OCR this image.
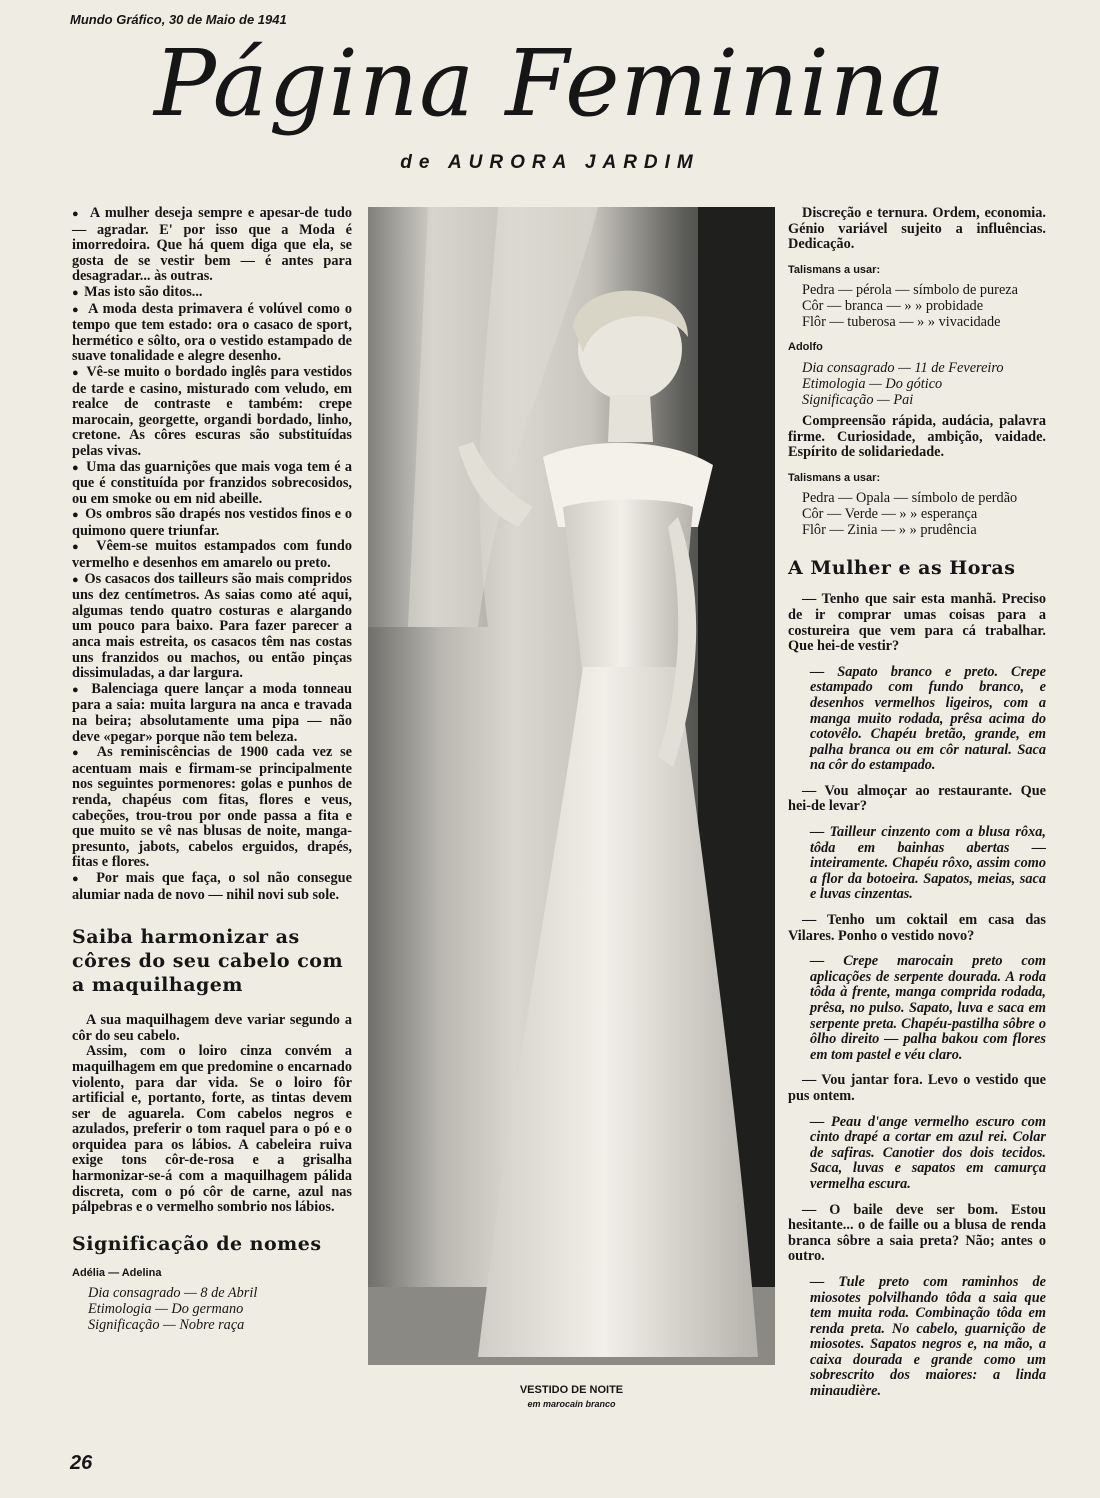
Mundo Gráfico, 30 de Maio de 1941
Página Feminina
de AURORA JARDIM

●  A mulher deseja sempre e apesar-de tudo — agradar. E' por isso que a Moda é imorredoira. Que há quem diga que ela, se gosta de se vestir bem — é antes para desagradar... às outras.

●  Mas isto são ditos...

●  A moda desta primavera é volúvel como o tempo que tem estado: ora o casaco de sport, hermético e sôlto, ora o vestido estampado de suave tonalidade e alegre desenho.

●  Vê-se muito o bordado inglês para vestidos de tarde e casino, misturado com veludo, em realce de contraste e também: crepe marocain, georgette, organdi bordado, linho, cretone. As côres escuras são substituídas pelas vivas.

●  Uma das guarnições que mais voga tem é a que é constituída por franzidos sobrecosidos, ou em smoke ou em nid abeille.

●  Os ombros são drapés nos vestidos finos e o quimono quere triunfar.

●  Vêem-se muitos estampados com fundo vermelho e desenhos em amarelo ou preto.

●  Os casacos dos tailleurs são mais compridos uns dez centímetros. As saias como até aqui, algumas tendo quatro costuras e alargando um pouco para baixo. Para fazer parecer a anca mais estreita, os casacos têm nas costas uns franzidos ou machos, ou então pinças dissimuladas, a dar largura.

●  Balenciaga quere lançar a moda tonneau para a saia: muita largura na anca e travada na beira; absolutamente uma pipa — não deve «pegar» porque não tem beleza.

●  As reminiscências de 1900 cada vez se acentuam mais e firmam-se principalmente nos seguintes pormenores: golas e punhos de renda, chapéus com fitas, flores e veus, cabeções, trou-trou por onde passa a fita e que muito se vê nas blusas de noite, manga-presunto, jabots, cabelos erguidos, drapés, fitas e flores.

●  Por mais que faça, o sol não consegue alumiar nada de novo — nihil novi sub sole.

Saiba harmonizar as côres do seu cabelo com a maquilhagem

A sua maquilhagem deve variar segundo a côr do seu cabelo.

Assim, com o loiro cinza convém a maquilhagem em que predomine o encarnado violento, para dar vida. Se o loiro fôr artificial e, portanto, forte, as tintas devem ser de aguarela. Com cabelos negros e azulados, preferir o tom raquel para o pó e o orquidea para os lábios. A cabeleira ruiva exige tons côr-de-rosa e a grisalha harmonizar-se-á com a maquilhagem pálida discreta, com o pó côr de carne, azul nas pálpebras e o vermelho sombrio nos lábios.

Significação de nomes
Adélia — Adelina

Dia consagrado — 8 de Abril

Etimologia — Do germano

Significação — Nobre raça

VESTIDO DE NOITE
em marocain branco

Discreção e ternura. Ordem, economia. Génio variável sujeito a influências. Dedicação.

Talismans a usar:

Pedra — pérola — símbolo de pureza

Côr — branca — » » probidade

Flôr — tuberosa — » » vivacidade

Adolfo

Dia consagrado — 11 de Fevereiro

Etimologia — Do gótico

Significação — Pai

Compreensão rápida, audácia, palavra firme. Curiosidade, ambição, vaidade. Espírito de solidariedade.

Talismans a usar:

Pedra — Opala — símbolo de perdão

Côr — Verde — » » esperança

Flôr — Zinia — » » prudência

A Mulher e as Horas

— Tenho que sair esta manhã. Preciso de ir comprar umas coisas para a costureira que vem para cá trabalhar. Que hei-de vestir?

— Sapato branco e preto. Crepe estampado com fundo branco, e desenhos vermelhos ligeiros, com a manga muito rodada, prêsa acima do cotovêlo. Chapéu bretão, grande, em palha branca ou em côr natural. Saca na côr do estampado.

— Vou almoçar ao restaurante. Que hei-de levar?

— Tailleur cinzento com a blusa rôxa, tôda em bainhas abertas — inteiramente. Chapéu rôxo, assim como a flor da botoeira. Sapatos, meias, saca e luvas cinzentas.

— Tenho um coktail em casa das Vilares. Ponho o vestido novo?

— Crepe marocain preto com aplicações de serpente dourada. A roda tôda à frente, manga comprida rodada, prêsa, no pulso. Sapato, luva e saca em serpente preta. Chapéu-pastilha sôbre o ôlho direito — palha bakou com flores em tom pastel e véu claro.

— Vou jantar fora. Levo o vestido que pus ontem.

— Peau d'ange vermelho escuro com cinto drapé a cortar em azul rei. Colar de safiras. Canotier dos dois tecidos. Saca, luvas e sapatos em camurça vermelha escura.

— O baile deve ser bom. Estou hesitante... o de faille ou a blusa de renda branca sôbre a saia preta? Não; antes o outro.

— Tule preto com raminhos de miosotes polvilhando tôda a saia que tem muita roda. Combinação tôda em renda preta. No cabelo, guarnição de miosotes. Sapatos negros e, na mão, a caixa dourada e grande como um sobrescrito dos maiores: a linda minaudière.

26
